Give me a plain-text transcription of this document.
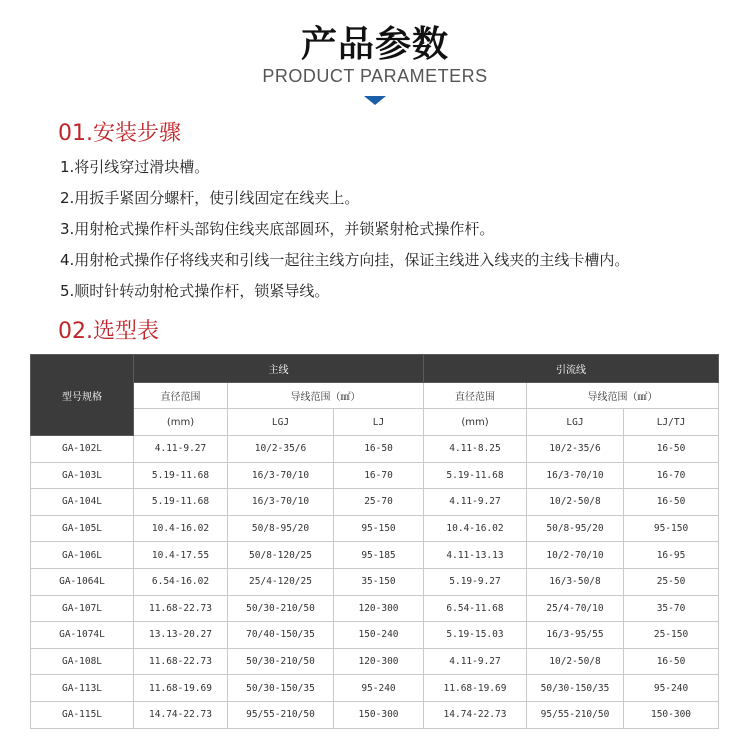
产品参数
PRODUCT PARAMETERS
01.安装步骤
1.将引线穿过滑块槽。
2.用扳手紧固分螺杆，使引线固定在线夹上。
3.用射枪式操作杆头部钩住线夹底部圆环，并锁紧射枪式操作杆。
4.用射枪式操作仔将线夹和引线一起往主线方向挂，保证主线进入线夹的主线卡槽内。
5.顺时针转动射枪式操作杆，锁紧导线。
02.选型表
型号规格	主线			引流线		
	直径范围	导线范围（㎟）		直径范围	导线范围（㎟）	
	(mm)	LGJ	LJ	(mm)	LGJ	LJ/TJ
GA-102L	4.11-9.27	10/2-35/6	16-50	4.11-8.25	10/2-35/6	16-50
GA-103L	5.19-11.68	16/3-70/10	16-70	5.19-11.68	16/3-70/10	16-70
GA-104L	5.19-11.68	16/3-70/10	25-70	4.11-9.27	10/2-50/8	16-50
GA-105L	10.4-16.02	50/8-95/20	95-150	10.4-16.02	50/8-95/20	95-150
GA-106L	10.4-17.55	50/8-120/25	95-185	4.11-13.13	10/2-70/10	16-95
GA-1064L	6.54-16.02	25/4-120/25	35-150	5.19-9.27	16/3-50/8	25-50
GA-107L	11.68-22.73	50/30-210/50	120-300	6.54-11.68	25/4-70/10	35-70
GA-1074L	13.13-20.27	70/40-150/35	150-240	5.19-15.03	16/3-95/55	25-150
GA-108L	11.68-22.73	50/30-210/50	120-300	4.11-9.27	10/2-50/8	16-50
GA-113L	11.68-19.69	50/30-150/35	95-240	11.68-19.69	50/30-150/35	95-240
GA-115L	14.74-22.73	95/55-210/50	150-300	14.74-22.73	95/55-210/50	150-300
